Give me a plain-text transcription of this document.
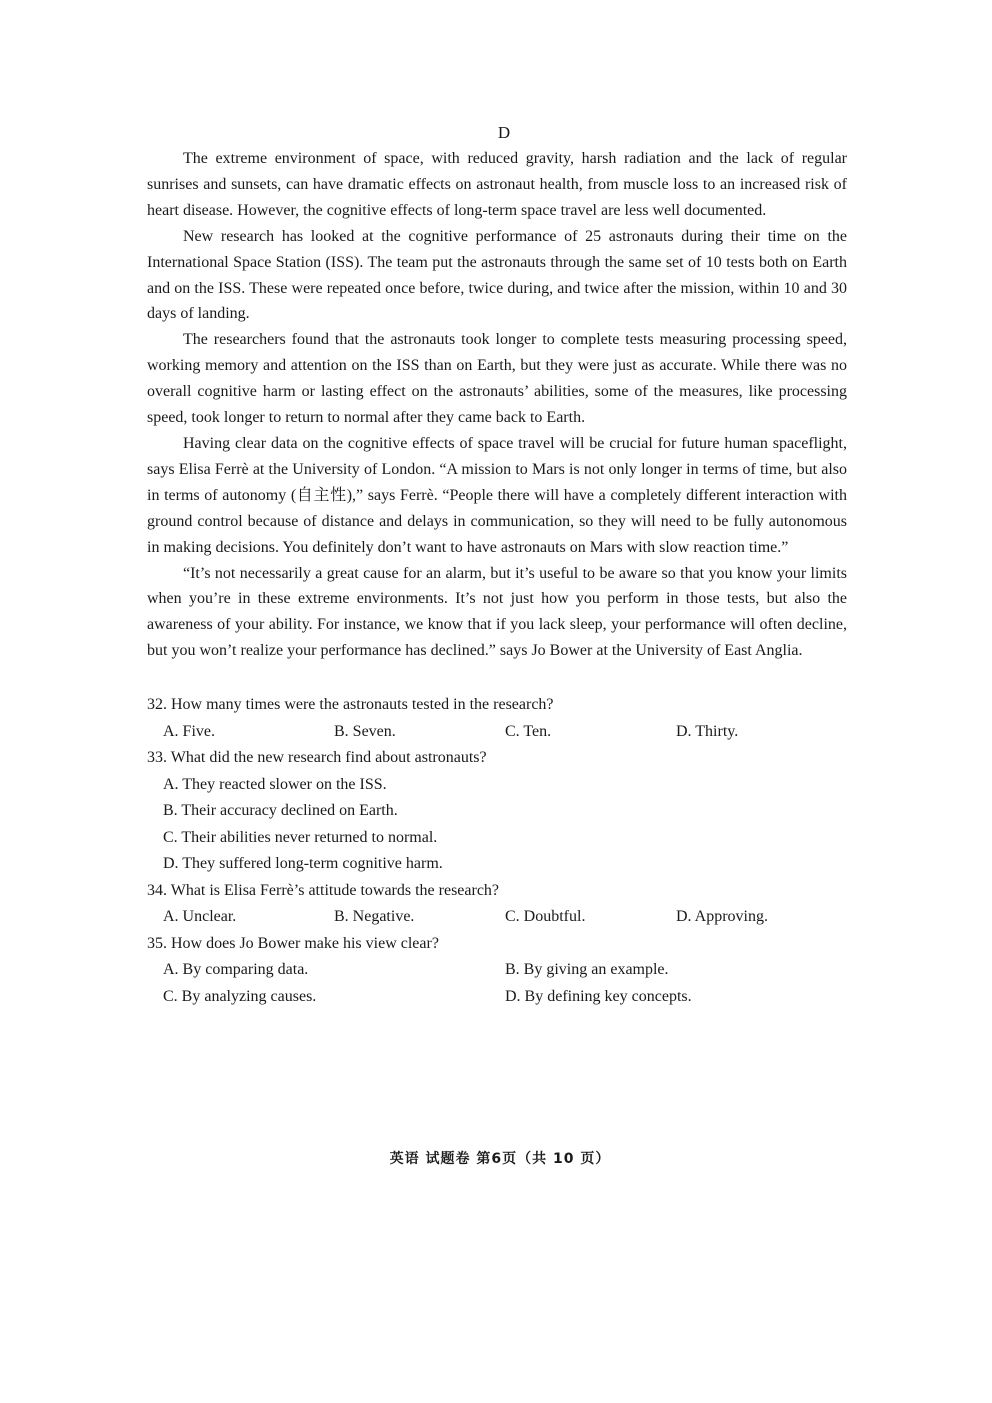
D

The extreme environment of space, with reduced gravity, harsh radiation and the lack of regular sunrises and sunsets, can have dramatic effects on astronaut health, from muscle loss to an increased risk of heart disease. However, the cognitive effects of long-term space travel are less well documented.

New research has looked at the cognitive performance of 25 astronauts during their time on the International Space Station (ISS). The team put the astronauts through the same set of 10 tests both on Earth and on the ISS. These were repeated once before, twice during, and twice after the mission, within 10 and 30 days of landing.

The researchers found that the astronauts took longer to complete tests measuring processing speed, working memory and attention on the ISS than on Earth, but they were just as accurate. While there was no overall cognitive harm or lasting effect on the astronauts’ abilities, some of the measures, like processing speed, took longer to return to normal after they came back to Earth.

Having clear data on the cognitive effects of space travel will be crucial for future human spaceflight, says Elisa Ferrè at the University of London. “A mission to Mars is not only longer in terms of time, but also in terms of autonomy (自主性),” says Ferrè. “People there will have a completely different interaction with ground control because of distance and delays in communication, so they will need to be fully autonomous in making decisions. You definitely don’t want to have astronauts on Mars with slow reaction time.”

“It’s not necessarily a great cause for an alarm, but it’s useful to be aware so that you know your limits when you’re in these extreme environments. It’s not just how you perform in those tests, but also the awareness of your ability. For instance, we know that if you lack sleep, your performance will often decline, but you won’t realize your performance has declined.” says Jo Bower at the University of East Anglia.

32. How many times were the astronauts tested in the research?

A. Five.	B. Seven.	C. Ten.	D. Thirty.

33. What did the new research find about astronauts?

A. They reacted slower on the ISS.

B. Their accuracy declined on Earth.

C. Their abilities never returned to normal.

D. They suffered long-term cognitive harm.

34. What is Elisa Ferrè’s attitude towards the research?

A. Unclear.	B. Negative.	C. Doubtful.	D. Approving.

35. How does Jo Bower make his view clear?

A. By comparing data.	B. By giving an example.
C. By analyzing causes.	D. By defining key concepts.
英语 试题卷 第6页（共 10 页）
